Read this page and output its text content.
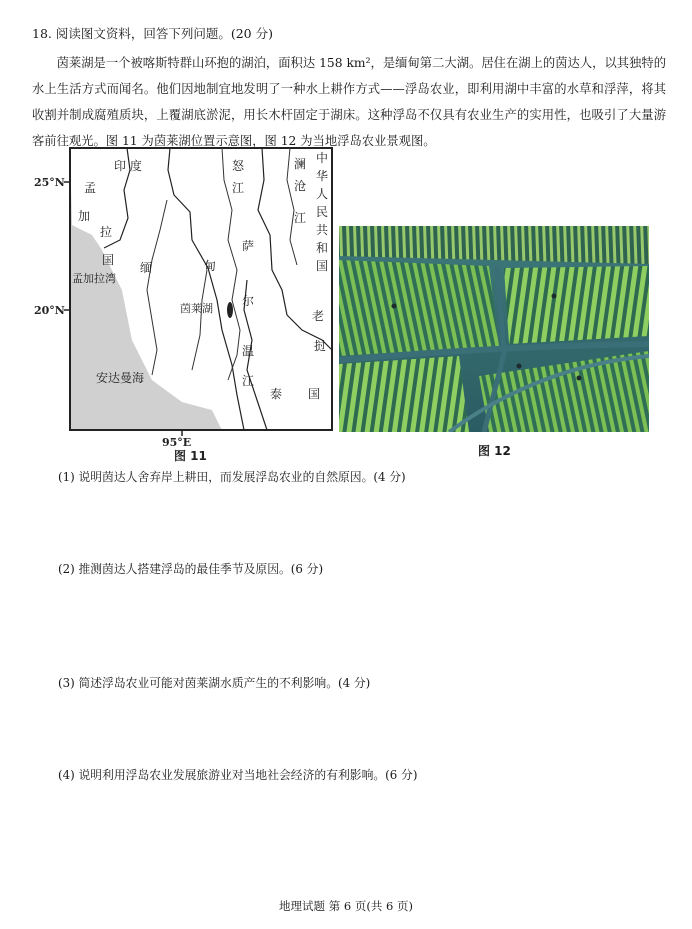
18. 阅读图文资料，回答下列问题。(20 分)
茵莱湖是一个被喀斯特群山环抱的湖泊，面积达 158 km²，是缅甸第二大湖。居住在湖上的茵达人，以其独特的水上生活方式而闻名。他们因地制宜地发明了一种水上耕作方式——浮岛农业，即利用湖中丰富的水草和浮萍，将其收割并制成腐殖质块，上覆湖底淤泥，用长木杆固定于湖床。这种浮岛不仅具有农业生产的实用性，也吸引了大量游客前往观光。图 11 为茵莱湖位置示意图，图 12 为当地浮岛农业景观图。
25°N
20°N
95°E
印 度
孟
加
拉
国
孟加拉湾
安达曼海
缅	甸
茵莱湖
怒
江
萨
尔
温
江
澜
沧
江
中
华
人
民
共
和
国
老
挝
泰 国
图 11	图 12
(1) 说明茵达人舍弃岸上耕田，而发展浮岛农业的自然原因。(4 分)
(2) 推测茵达人搭建浮岛的最佳季节及原因。(6 分)
(3) 简述浮岛农业可能对茵莱湖水质产生的不利影响。(4 分)
(4) 说明利用浮岛农业发展旅游业对当地社会经济的有利影响。(6 分)
地理试题 第 6 页(共 6 页)
